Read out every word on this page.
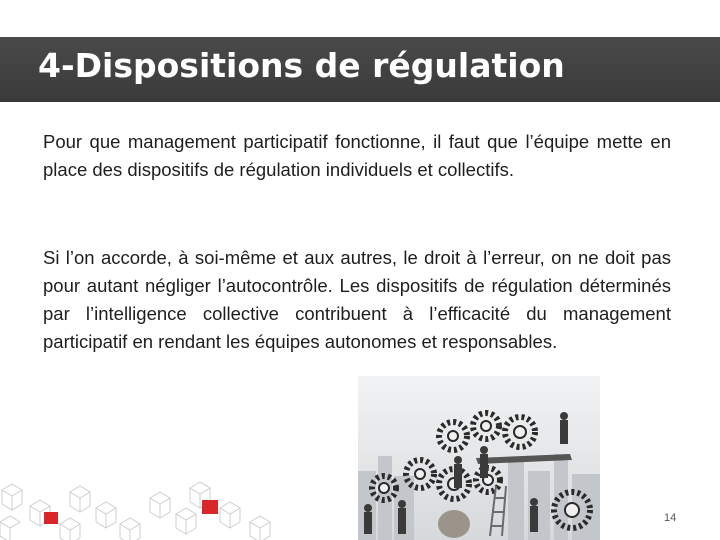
4-Dispositions de régulation

Pour que management participatif fonctionne, il faut que l’équipe mette en place des dispositifs de régulation individuels et collectifs.

Si l’on accorde, à soi-même et aux autres, le droit à l’erreur, on ne doit pas pour autant négliger l’autocontrôle. Les dispositifs de régulation déterminés par l’intelligence collective contribuent à l’efficacité du management participatif en rendant les équipes autonomes et responsables.

14
